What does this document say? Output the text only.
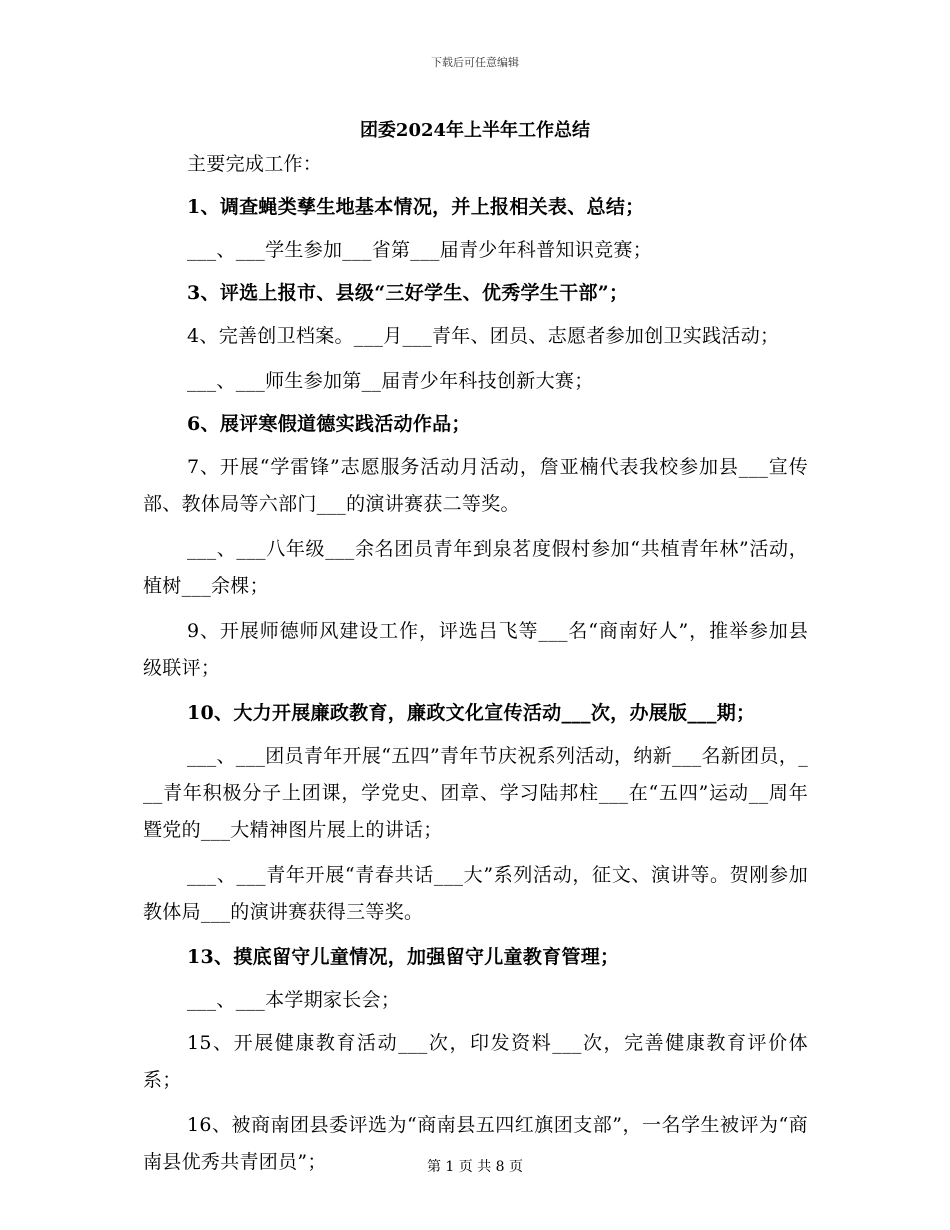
下载后可任意编辑
团委2024年上半年工作总结

主要完成工作：

1、调查蝇类孳生地基本情况，并上报相关表、总结；

___、___学生参加___省第___届青少年科普知识竞赛；

3、评选上报市、县级“三好学生、优秀学生干部”；

4、完善创卫档案。___月___青年、团员、志愿者参加创卫实践活动；

___、___师生参加第__届青少年科技创新大赛；

6、展评寒假道德实践活动作品；

7、开展“学雷锋”志愿服务活动月活动，詹亚楠代表我校参加县___宣传部、教体局等六部门___的演讲赛获二等奖。

___、___八年级___余名团员青年到泉茗度假村参加“共植青年林”活动，植树___余棵；

9、开展师德师风建设工作，评选吕飞等___名“商南好人”，推举参加县级联评；

10、大力开展廉政教育，廉政文化宣传活动___次，办展版___期；

___、___团员青年开展“五四”青年节庆祝系列活动，纳新___名新团员，___青年积极分子上团课，学党史、团章、学习陆邦柱___在“五四”运动__周年暨党的___大精神图片展上的讲话；

___、___青年开展“青春共话___大”系列活动，征文、演讲等。贺刚参加教体局___的演讲赛获得三等奖。

13、摸底留守儿童情况，加强留守儿童教育管理；

___、___本学期家长会；

15、开展健康教育活动___次，印发资料___次，完善健康教育评价体系；

16、被商南团县委评选为“商南县五四红旗团支部”，一名学生被评为“商南县优秀共青团员”；	第 1 页 共 8 页
